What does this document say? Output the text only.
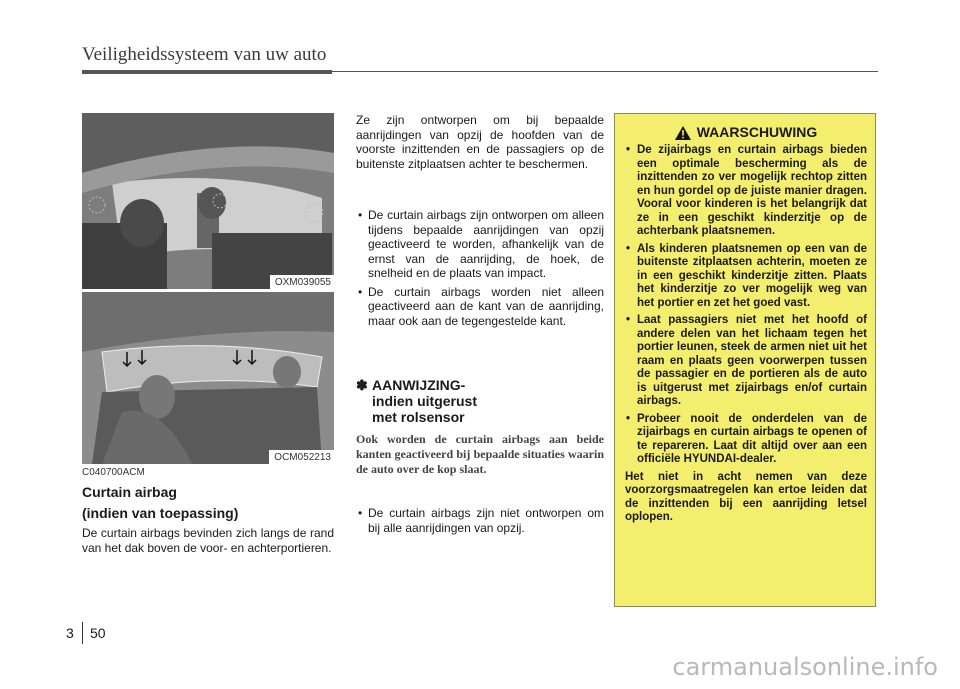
Veiligheidssysteem van uw auto
OXM039055
OCM052213
C040700ACM
Curtain airbag
(indien van toepassing)

De curtain airbags bevinden zich langs de rand van het dak boven de voor- en achterportieren.

Ze zijn ontworpen om bij bepaalde aanrijdingen van opzij de hoofden van de voorste inzittenden en de passagiers op de buitenste zitplaatsen achter te beschermen.

• De curtain airbags zijn ontworpen om alleen tijdens bepaalde aanrijdingen van opzij geactiveerd te worden, afhankelijk van de ernst van de aanrijding, de hoek, de snelheid en de plaats van impact.
• De curtain airbags worden niet alleen geactiveerd aan de kant van de aanrijding, maar ook aan de tegengestelde kant.
✽ AANWIJZING- indien uitgerust met rolsensor

Ook worden de curtain airbags aan beide kanten geactiveerd bij bepaalde situaties waarin de auto over de kop slaat.

• De curtain airbags zijn niet ontworpen om bij alle aanrijdingen van opzij.
WAARSCHUWING
• De zijairbags en curtain airbags bieden een optimale bescherming als de inzittenden zo ver mogelijk rechtop zitten en hun gordel op de juiste manier dragen. Vooral voor kinderen is het belangrijk dat ze in een geschikt kinderzitje op de achterbank plaatsnemen.
• Als kinderen plaatsnemen op een van de buitenste zitplaatsen achterin, moeten ze in een geschikt kinderzitje zitten. Plaats het kinderzitje zo ver mogelijk weg van het portier en zet het goed vast.
• Laat passagiers niet met het hoofd of andere delen van het lichaam tegen het portier leunen, steek de armen niet uit het raam en plaats geen voorwerpen tussen de passagier en de portieren als de auto is uitgerust met zijairbags en/of curtain airbags.
• Probeer nooit de onderdelen van de zijairbags en curtain airbags te openen of te repareren. Laat dit altijd over aan een officiële HYUNDAI-dealer.

Het niet in acht nemen van deze voorzorgsmaatregelen kan ertoe leiden dat de inzittenden bij een aanrijding letsel oplopen.

3 50
carmanualsonline.info
